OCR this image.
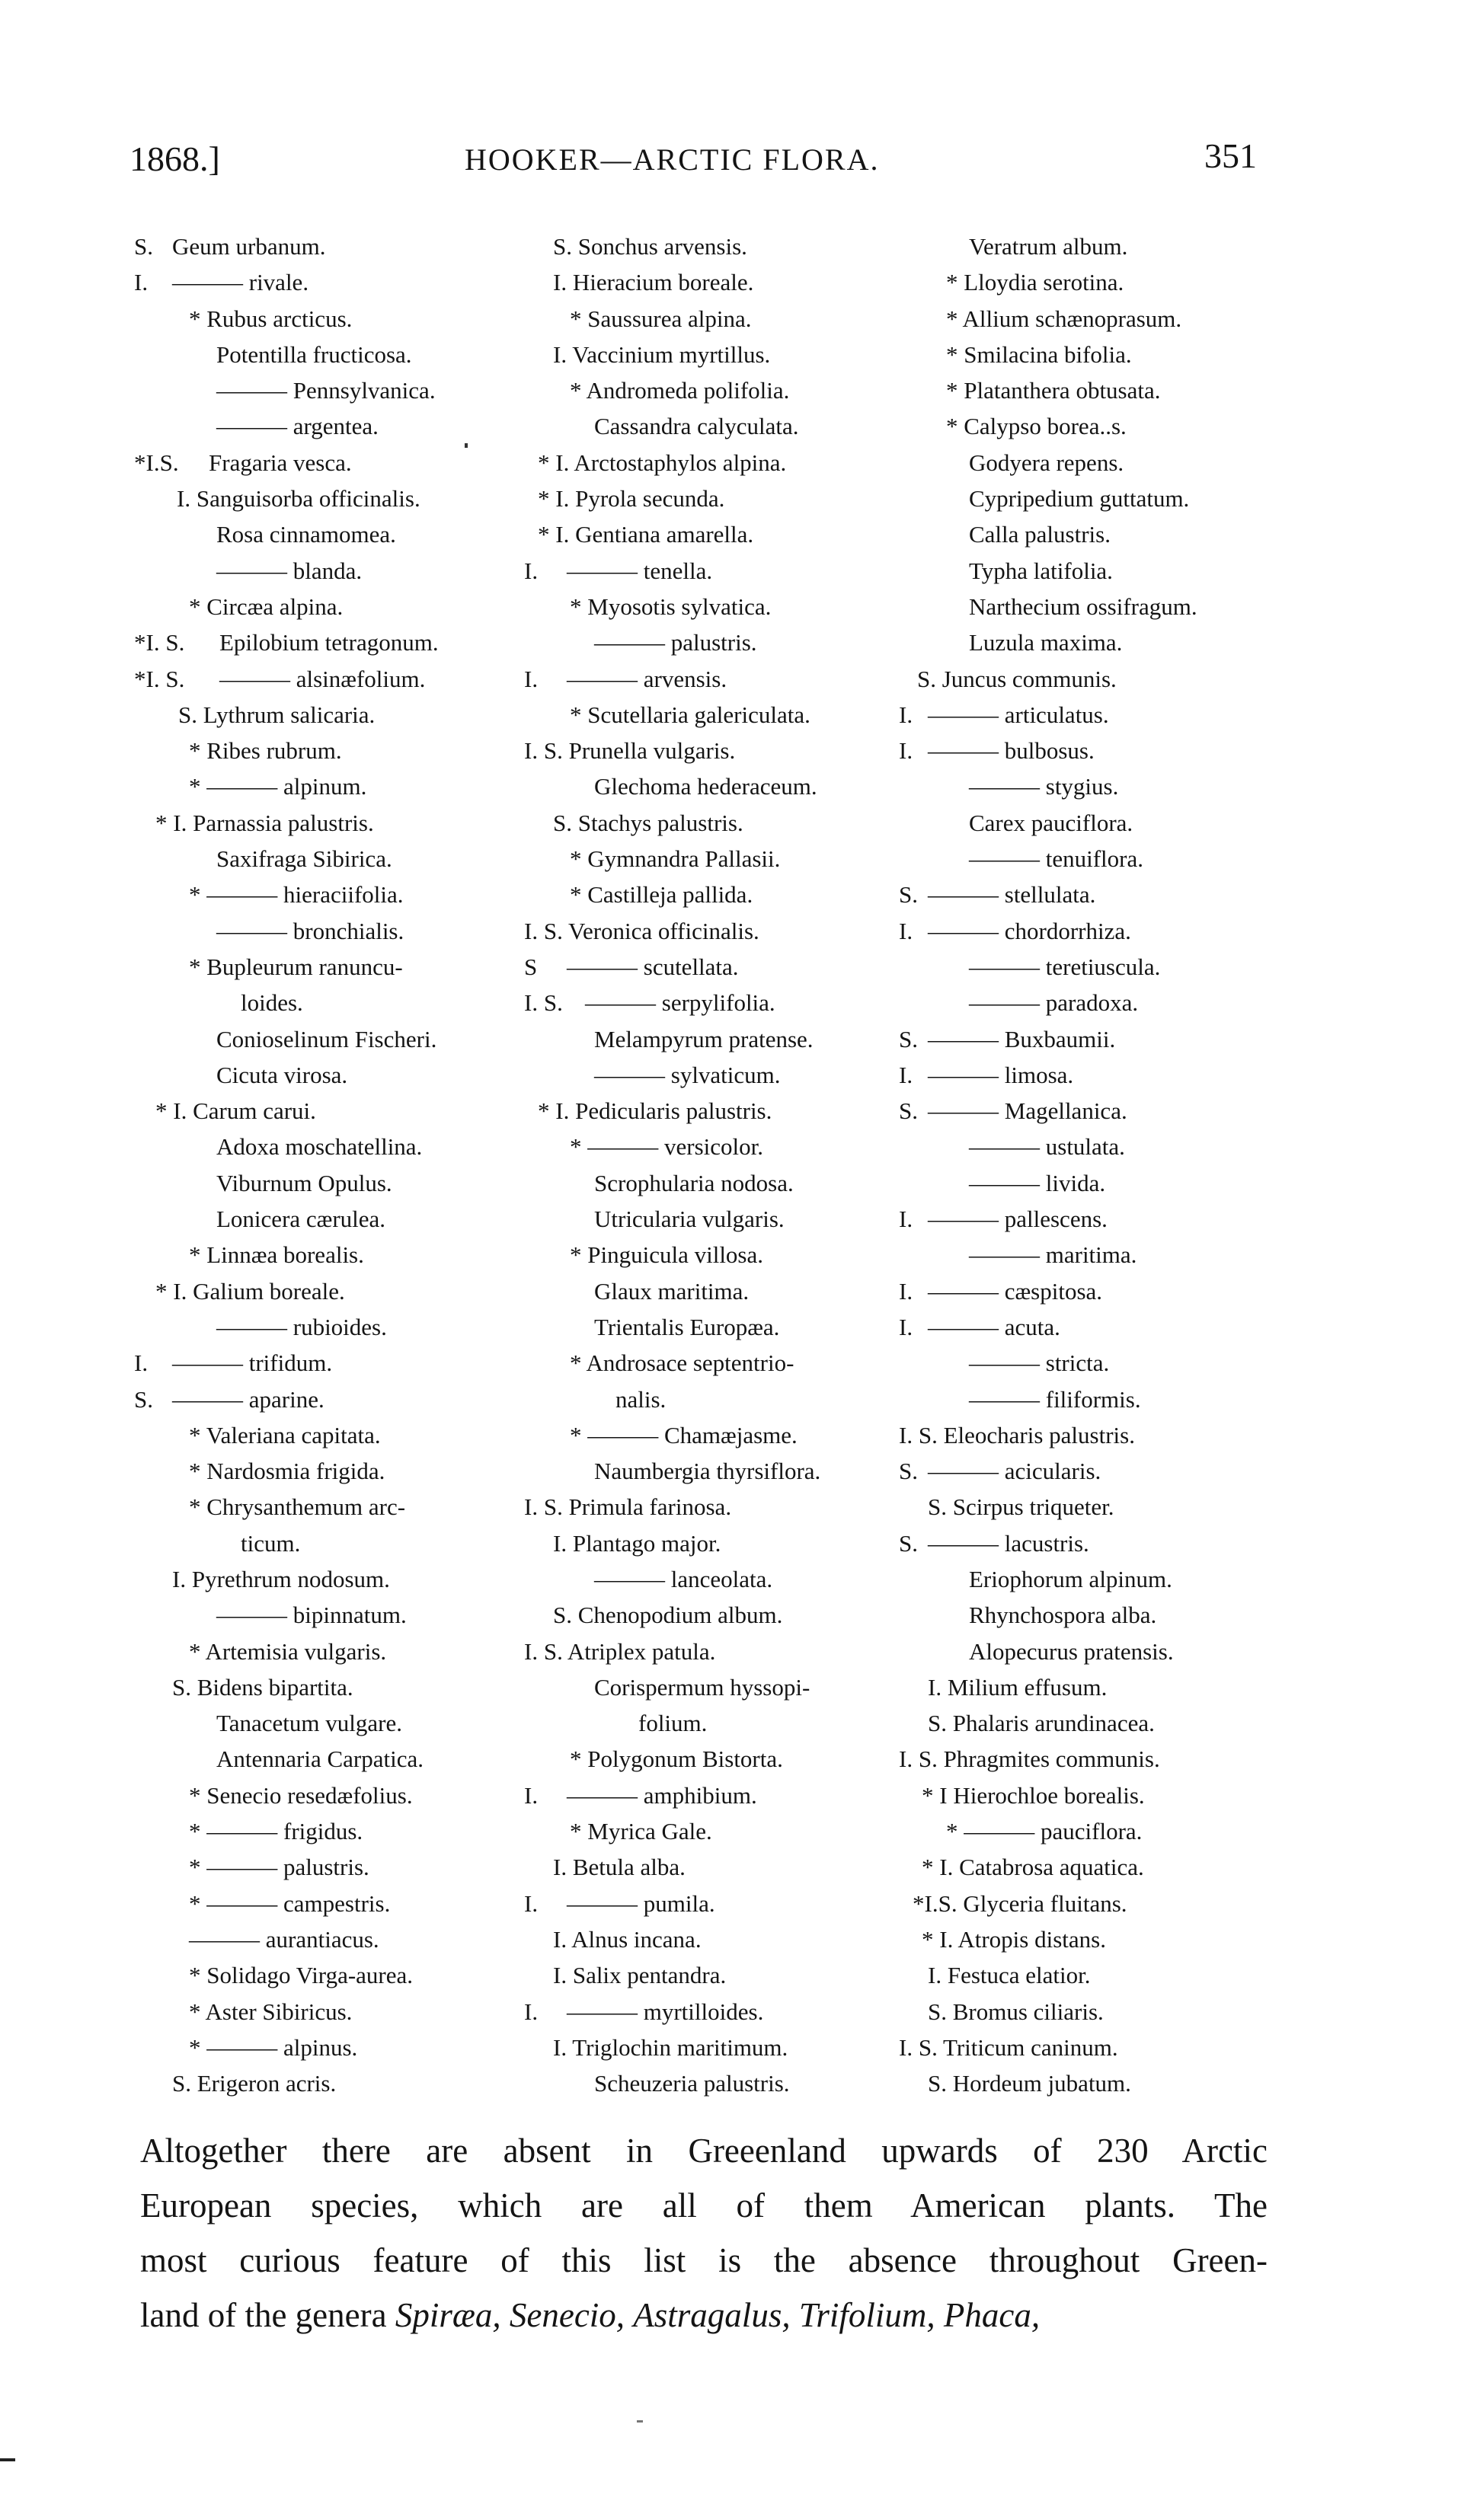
1868.]	HOOKER—ARCTIC FLORA.	351
S. Geum urbanum.
I. ——— rivale.
* Rubus arcticus.
Potentilla fructicosa.
——— Pennsylvanica.
——— argentea.
*I.S. Fragaria vesca.
I. Sanguisorba officinalis.
Rosa cinnamomea.
——— blanda.
* Circæa alpina.
*I. S. Epilobium tetragonum.
*I. S. ——— alsinæfolium.
S. Lythrum salicaria.
* Ribes rubrum.
* ——— alpinum.
* I. Parnassia palustris.
Saxifraga Sibirica.
* ——— hieraciifolia.
——— bronchialis.
* Bupleurum ranuncu-
loides.
Conioselinum Fischeri.
Cicuta virosa.
* I. Carum carui.
Adoxa moschatellina.
Viburnum Opulus.
Lonicera cærulea.
* Linnæa borealis.
* I. Galium boreale.
——— rubioides.
I. ——— trifidum.
S. ——— aparine.
* Valeriana capitata.
* Nardosmia frigida.
* Chrysanthemum arc-
ticum.
I. Pyrethrum nodosum.
——— bipinnatum.
* Artemisia vulgaris.
S. Bidens bipartita.
Tanacetum vulgare.
Antennaria Carpatica.
* Senecio resedæfolius.
* ——— frigidus.
* ——— palustris.
* ——— campestris.
——— aurantiacus.
* Solidago Virga-aurea.
* Aster Sibiricus.
* ——— alpinus.
S. Erigeron acris.
S. Sonchus arvensis.
I. Hieracium boreale.
* Saussurea alpina.
I. Vaccinium myrtillus.
* Andromeda polifolia.
Cassandra calyculata.
* I. Arctostaphylos alpina.
* I. Pyrola secunda.
* I. Gentiana amarella.
I. ——— tenella.
* Myosotis sylvatica.
——— palustris.
I. ——— arvensis.
* Scutellaria galericulata.
I. S. Prunella vulgaris.
Glechoma hederaceum.
S. Stachys palustris.
* Gymnandra Pallasii.
* Castilleja pallida.
I. S. Veronica officinalis.
S ——— scutellata.
I. S. ——— serpylifolia.
Melampyrum pratense.
——— sylvaticum.
* I. Pedicularis palustris.
* ——— versicolor.
Scrophularia nodosa.
Utricularia vulgaris.
* Pinguicula villosa.
Glaux maritima.
Trientalis Europæa.
* Androsace septentrio-
nalis.
* ——— Chamæjasme.
Naumbergia thyrsiflora.
I. S. Primula farinosa.
I. Plantago major.
——— lanceolata.
S. Chenopodium album.
I. S. Atriplex patula.
Corispermum hyssopi-
folium.
* Polygonum Bistorta.
I. ——— amphibium.
* Myrica Gale.
I. Betula alba.
I. ——— pumila.
I. Alnus incana.
I. Salix pentandra.
I. ——— myrtilloides.
I. Triglochin maritimum.
Scheuzeria palustris.
Veratrum album.
* Lloydia serotina.
* Allium schænoprasum.
* Smilacina bifolia.
* Platanthera obtusata.
* Calypso borea..s.
Godyera repens.
Cypripedium guttatum.
Calla palustris.
Typha latifolia.
Narthecium ossifragum.
Luzula maxima.
S. Juncus communis.
I. ——— articulatus.
I. ——— bulbosus.
——— stygius.
Carex pauciflora.
——— tenuiflora.
S. ——— stellulata.
I. ——— chordorrhiza.
——— teretiuscula.
——— paradoxa.
S. ——— Buxbaumii.
I. ——— limosa.
S. ——— Magellanica.
——— ustulata.
——— livida.
I. ——— pallescens.
——— maritima.
I. ——— cæspitosa.
I. ——— acuta.
——— stricta.
——— filiformis.
I. S. Eleocharis palustris.
S. ——— acicularis.
S. Scirpus triqueter.
S. ——— lacustris.
Eriophorum alpinum.
Rhynchospora alba.
Alopecurus pratensis.
I. Milium effusum.
S. Phalaris arundinacea.
I. S. Phragmites communis.
* I Hierochloe borealis.
* ——— pauciflora.
* I. Catabrosa aquatica.
*I.S. Glyceria fluitans.
* I. Atropis distans.
I. Festuca elatior.
S. Bromus ciliaris.
I. S. Triticum caninum.
S. Hordeum jubatum.

Altogether there are absent in Greeenland upwards of 230 Arctic

European species, which are all of them American plants. The

most curious feature of this list is the absence throughout Green-

land of the genera Spiræa, Senecio, Astragalus, Trifolium, Phaca,
